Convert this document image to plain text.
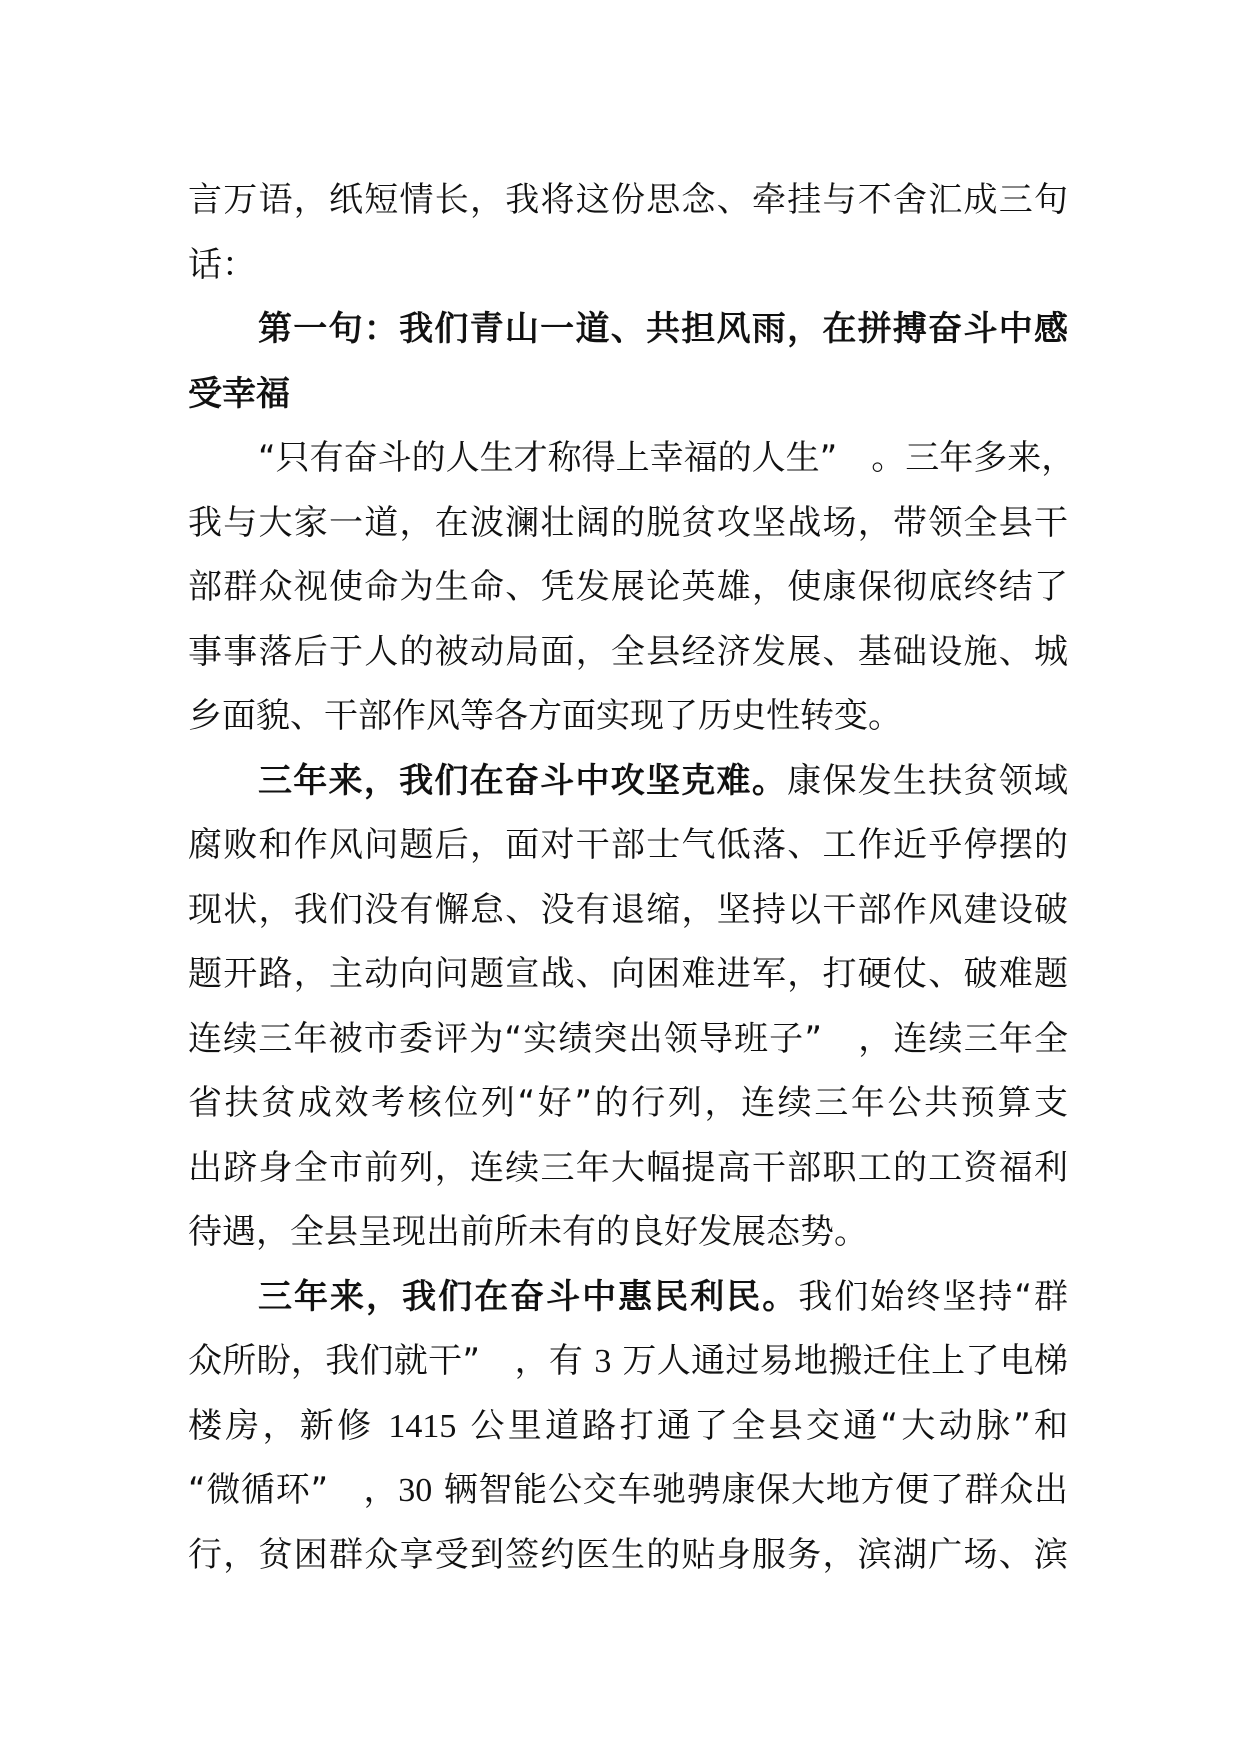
言万语，纸短情长，我将这份思念、牵挂与不舍汇成三句
话：
第一句：我们青山一道、共担风雨，在拼搏奋斗中感
受幸福
“只有奋斗的人生才称得上幸福的人生”　。三年多来，
我与大家一道，在波澜壮阔的脱贫攻坚战场，带领全县干
部群众视使命为生命、凭发展论英雄，使康保彻底终结了
事事落后于人的被动局面，全县经济发展、基础设施、城
乡面貌、干部作风等各方面实现了历史性转变。
三年来，我们在奋斗中攻坚克难。康保发生扶贫领域
腐败和作风问题后，面对干部士气低落、工作近乎停摆的
现状，我们没有懈怠、没有退缩，坚持以干部作风建设破
题开路，主动向问题宣战、向困难进军，打硬仗、破难题
连续三年被市委评为“实绩突出领导班子”　，连续三年全
省扶贫成效考核位列“好”的行列，连续三年公共预算支
出跻身全市前列，连续三年大幅提高干部职工的工资福利
待遇，全县呈现出前所未有的良好发展态势。
三年来，我们在奋斗中惠民利民。我们始终坚持“群
众所盼，我们就干”　，有 3 万人通过易地搬迁住上了电梯
楼房，新修 1415 公里道路打通了全县交通“大动脉”和
“微循环”　，30 辆智能公交车驰骋康保大地方便了群众出
行，贫困群众享受到签约医生的贴身服务，滨湖广场、滨
